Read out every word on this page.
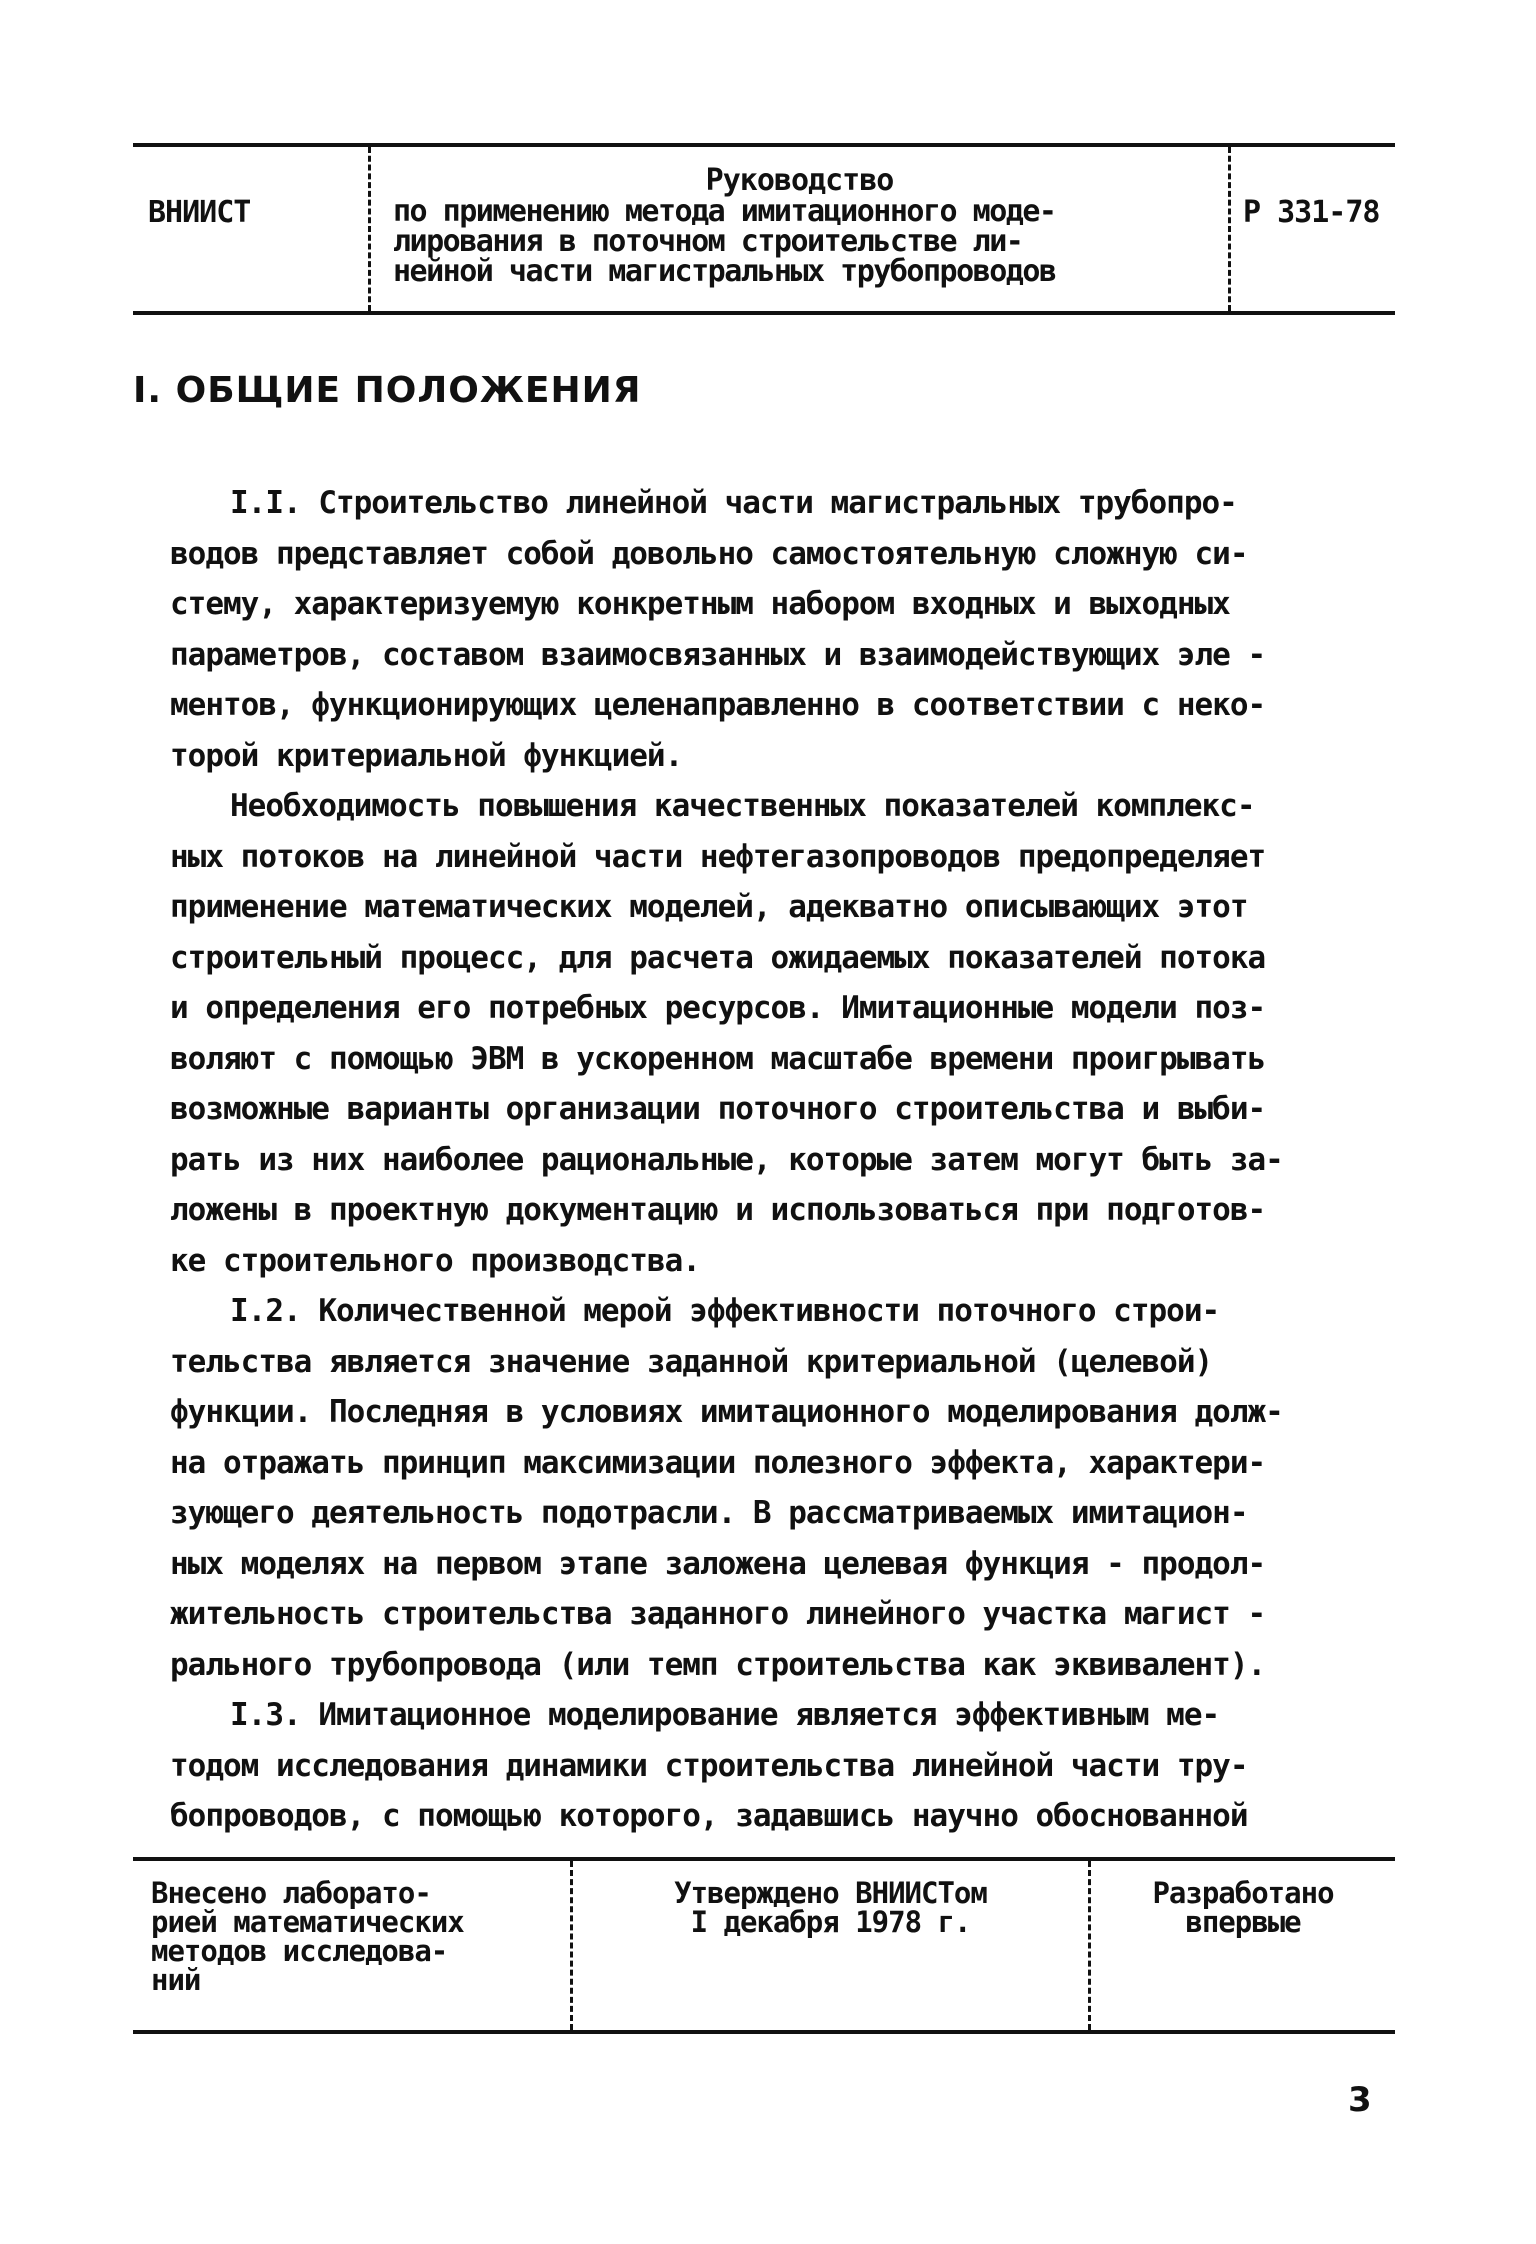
ВНИИСТ
Руководство
по применению метода имитационного моде-
лирования в поточном строительстве ли-
нейной части магистральных трубопроводов
Р 331-78
I. ОБЩИЕ ПОЛОЖЕНИЯ
I.I. Строительство линейной части магистральных трубопро-
водов представляет собой довольно самостоятельную сложную си-
стему, характеризуемую конкретным набором входных и выходных
параметров, составом взаимосвязанных и взаимодействующих эле -
ментов, функционирующих целенаправленно в соответствии с неко-
торой критериальной функцией.
Необходимость повышения качественных показателей комплекс-
ных потоков на линейной части нефтегазопроводов предопределяет
применение математических моделей, адекватно описывающих этот
строительный процесс, для расчета ожидаемых показателей потока
и определения его потребных ресурсов. Имитационные модели поз-
воляют с помощью ЭВМ в ускоренном масштабе времени проигрывать
возможные варианты организации поточного строительства и выби-
рать из них наиболее рациональные, которые затем могут быть за-
ложены в проектную документацию и использоваться при подготов-
ке строительного производства.
I.2. Количественной мерой эффективности поточного строи-
тельства является значение заданной критериальной (целевой)
функции. Последняя в условиях имитационного моделирования долж-
на отражать принцип максимизации полезного эффекта, характери-
зующего деятельность подотрасли. В рассматриваемых имитацион-
ных моделях на первом этапе заложена целевая функция - продол-
жительность строительства заданного линейного участка магист -
рального трубопровода (или темп строительства как эквивалент).
I.3. Имитационное моделирование является эффективным ме-
тодом исследования динамики строительства линейной части тру-
бопроводов, с помощью которого, задавшись научно обоснованной
Внесено лаборато-
рией математических
методов исследова-
ний
Утверждено ВНИИСТом
I декабря 1978 г.
Разработано
впервые
3
